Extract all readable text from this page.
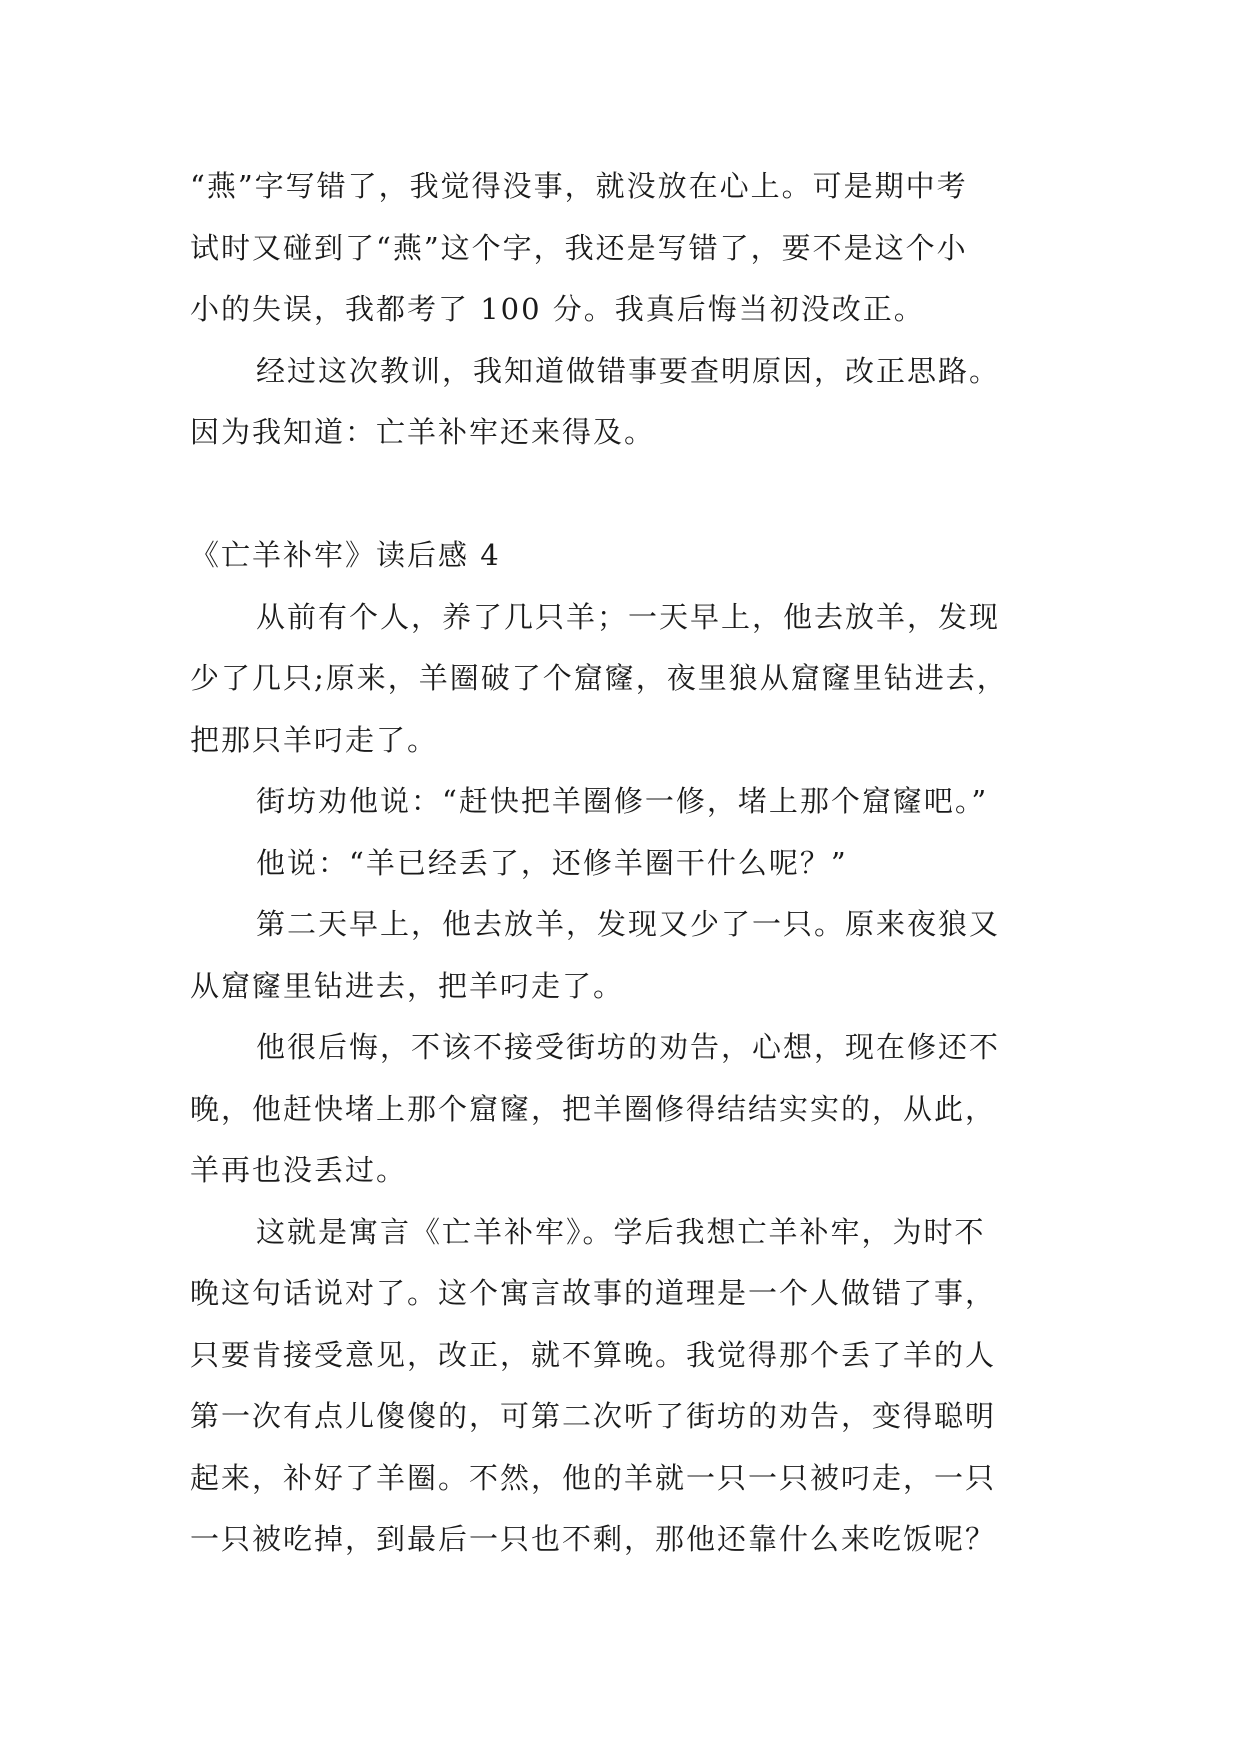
“燕”字写错了，我觉得没事，就没放在心上。可是期中考

试时又碰到了“燕”这个字，我还是写错了，要不是这个小

小的失误，我都考了 100 分。我真后悔当初没改正。

经过这次教训，我知道做错事要查明原因，改正思路。

因为我知道：亡羊补牢还来得及。

《亡羊补牢》读后感 4

从前有个人，养了几只羊；一天早上，他去放羊，发现

少了几只;原来，羊圈破了个窟窿，夜里狼从窟窿里钻进去，

把那只羊叼走了。

街坊劝他说：“赶快把羊圈修一修，堵上那个窟窿吧。”

他说：“羊已经丢了，还修羊圈干什么呢？”

第二天早上，他去放羊，发现又少了一只。原来夜狼又

从窟窿里钻进去，把羊叼走了。

他很后悔，不该不接受街坊的劝告，心想，现在修还不

晚，他赶快堵上那个窟窿，把羊圈修得结结实实的，从此，

羊再也没丢过。

这就是寓言《亡羊补牢》。学后我想亡羊补牢，为时不

晚这句话说对了。这个寓言故事的道理是一个人做错了事，

只要肯接受意见，改正，就不算晚。我觉得那个丢了羊的人

第一次有点儿傻傻的，可第二次听了街坊的劝告，变得聪明

起来，补好了羊圈。不然，他的羊就一只一只被叼走，一只

一只被吃掉，到最后一只也不剩，那他还靠什么来吃饭呢？
